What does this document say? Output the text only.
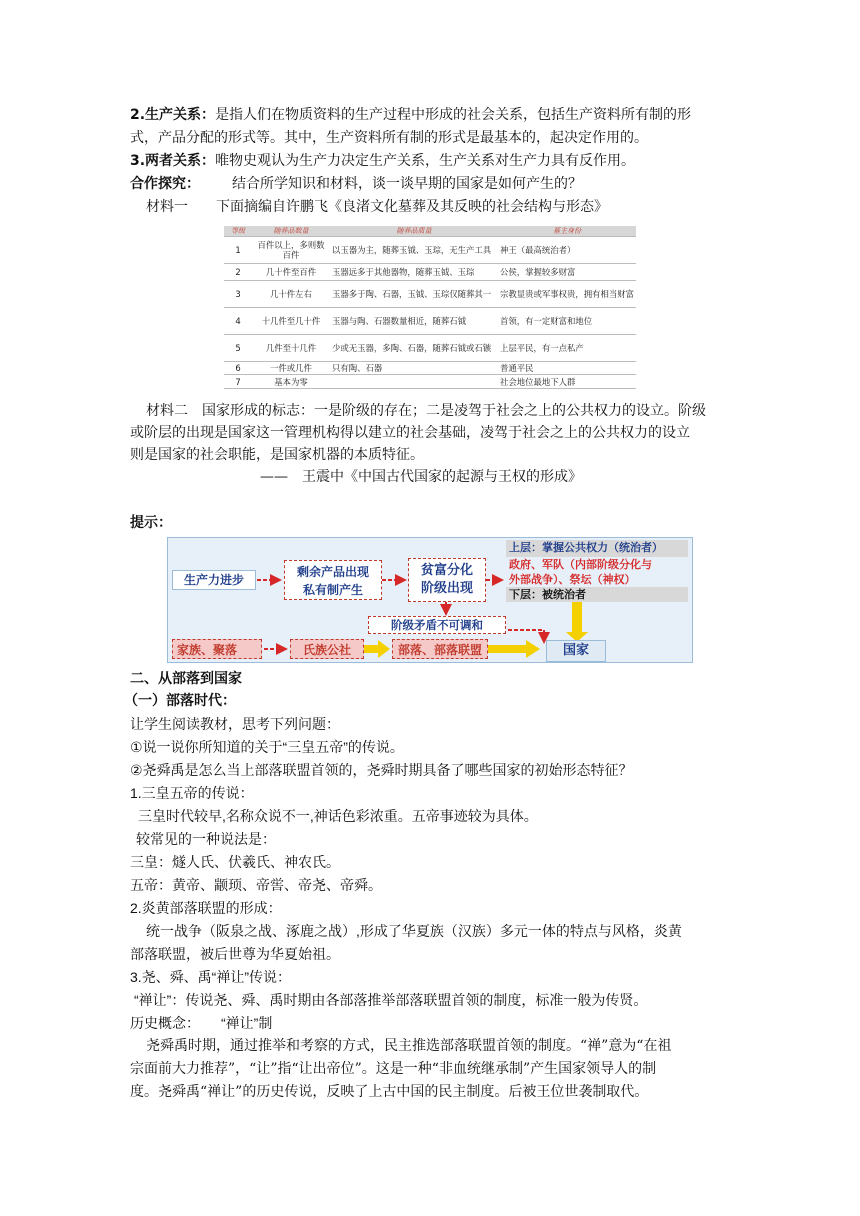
2.生产关系：是指人们在物质资料的生产过程中形成的社会关系，包括生产资料所有制的形
式，产品分配的形式等。其中，生产资料所有制的形式是最基本的，起决定作用的。
3.两者关系：唯物史观认为生产力决定生产关系，生产关系对生产力具有反作用。
合作探究： 结合所学知识和材料，谈一谈早期的国家是如何产生的？
材料一　　下面摘编自许鹏飞《良渚文化墓葬及其反映的社会结构与形态》
等级	随葬品数量	随葬品质量	墓主身份
1	百件以上，多则数百件	以玉器为主，随葬玉钺、玉琮，无生产工具	神王（最高统治者）
2	几十件至百件	玉器远多于其他器物，随葬玉钺、玉琮	公侯，掌握较多财富
3	几十件左右	玉器多于陶、石器，玉钺、玉琮仅随葬其一	宗教显贵或军事权贵，拥有相当财富
4	十几件至几十件	玉器与陶、石器数量相近，随葬石钺	首领，有一定财富和地位
5	几件至十几件	少或无玉器，多陶、石器，随葬石钺或石镞	上层平民，有一点私产
6	一件或几件	只有陶、石器	普通平民
7	基本为零		社会地位最地下人群
材料二　国家形成的标志：一是阶级的存在；二是凌驾于社会之上的公共权力的设立。阶级
或阶层的出现是国家这一管理机构得以建立的社会基础，凌驾于社会之上的公共权力的设立
则是国家的社会职能，是国家机器的本质特征。
——　王震中《中国古代国家的起源与王权的形成》
提示：
生产力进步
剩余产品出现
私有制产生
贫富分化
阶级出现
上层：掌握公共权力（统治者）
政府、军队（内部阶级分化与
外部战争）、祭坛（神权）
下层：被统治者
阶级矛盾不可调和
家族、聚落	氏族公社	部落、部落联盟	国家
二、从部落到国家
（一）部落时代：
让学生阅读教材，思考下列问题：
①说一说你所知道的关于“三皇五帝”的传说。
②尧舜禹是怎么当上部落联盟首领的，尧舜时期具备了哪些国家的初始形态特征？
1.三皇五帝的传说：
三皇时代较早,名称众说不一,神话色彩浓重。五帝事迹较为具体。
较常见的一种说法是：
三皇：燧人氏、伏羲氏、神农氏。
五帝：黄帝、颛顼、帝喾、帝尧、帝舜。
2.炎黄部落联盟的形成：
统一战争（阪泉之战、涿鹿之战）,形成了华夏族（汉族）多元一体的特点与风格，炎黄
部落联盟，被后世尊为华夏始祖。
3.尧、舜、禹“禅让”传说：
“禅让”：传说尧、舜、禹时期由各部落推举部落联盟首领的制度，标准一般为传贤。
历史概念：　　“禅让”制
尧舜禹时期，通过推举和考察的方式，民主推选部落联盟首领的制度。“禅”意为“在祖
宗面前大力推荐”，“让”指“让出帝位”。这是一种“非血统继承制”产生国家领导人的制
度。尧舜禹“禅让”的历史传说，反映了上古中国的民主制度。后被王位世袭制取代。
